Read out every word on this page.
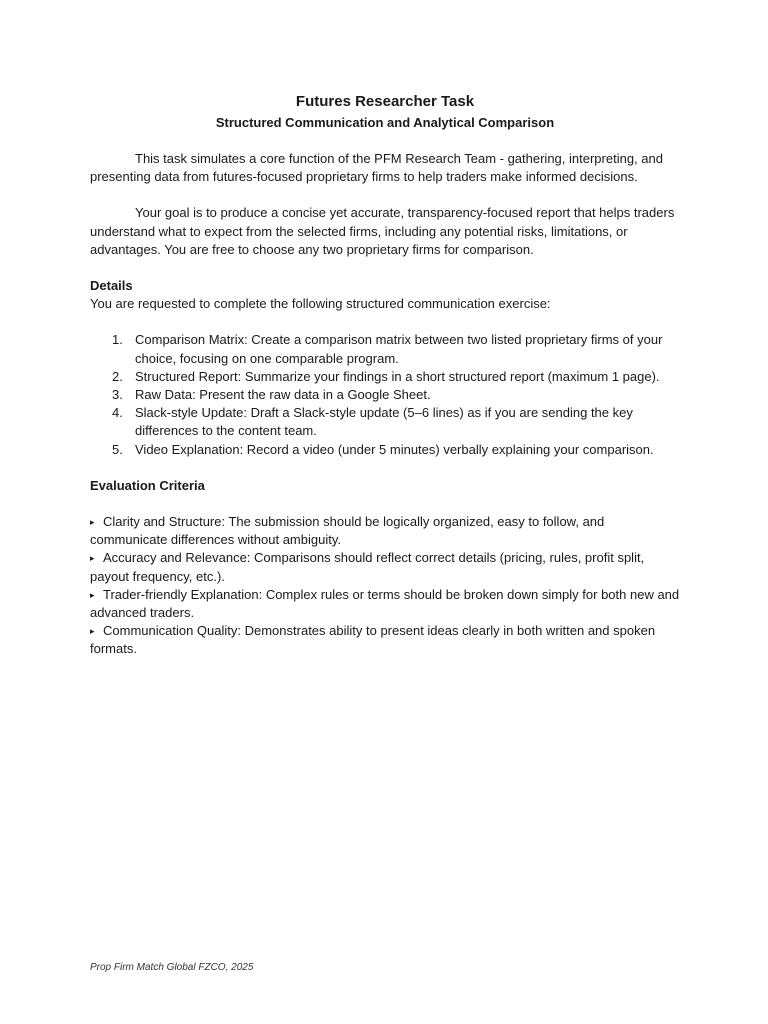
Futures Researcher Task
Structured Communication and Analytical Comparison

This task simulates a core function of the PFM Research Team - gathering, interpreting, and presenting data from futures-focused proprietary firms to help traders make informed decisions.

Your goal is to produce a concise yet accurate, transparency-focused report that helps traders understand what to expect from the selected firms, including any potential risks, limitations, or advantages. You are free to choose any two proprietary firms for comparison.

Details

You are requested to complete the following structured communication exercise:

1. Comparison Matrix: Create a comparison matrix between two listed proprietary firms of your choice, focusing on one comparable program.
2. Structured Report: Summarize your findings in a short structured report (maximum 1 page).
3. Raw Data: Present the raw data in a Google Sheet.
4. Slack-style Update: Draft a Slack-style update (5–6 lines) as if you are sending the key differences to the content team.
5. Video Explanation: Record a video (under 5 minutes) verbally explaining your comparison.

Evaluation Criteria

▸ Clarity and Structure: The submission should be logically organized, easy to follow, and communicate differences without ambiguity.

▸ Accuracy and Relevance: Comparisons should reflect correct details (pricing, rules, profit split, payout frequency, etc.).

▸ Trader-friendly Explanation: Complex rules or terms should be broken down simply for both new and advanced traders.

▸ Communication Quality: Demonstrates ability to present ideas clearly in both written and spoken formats.

Prop Firm Match Global FZCO, 2025
